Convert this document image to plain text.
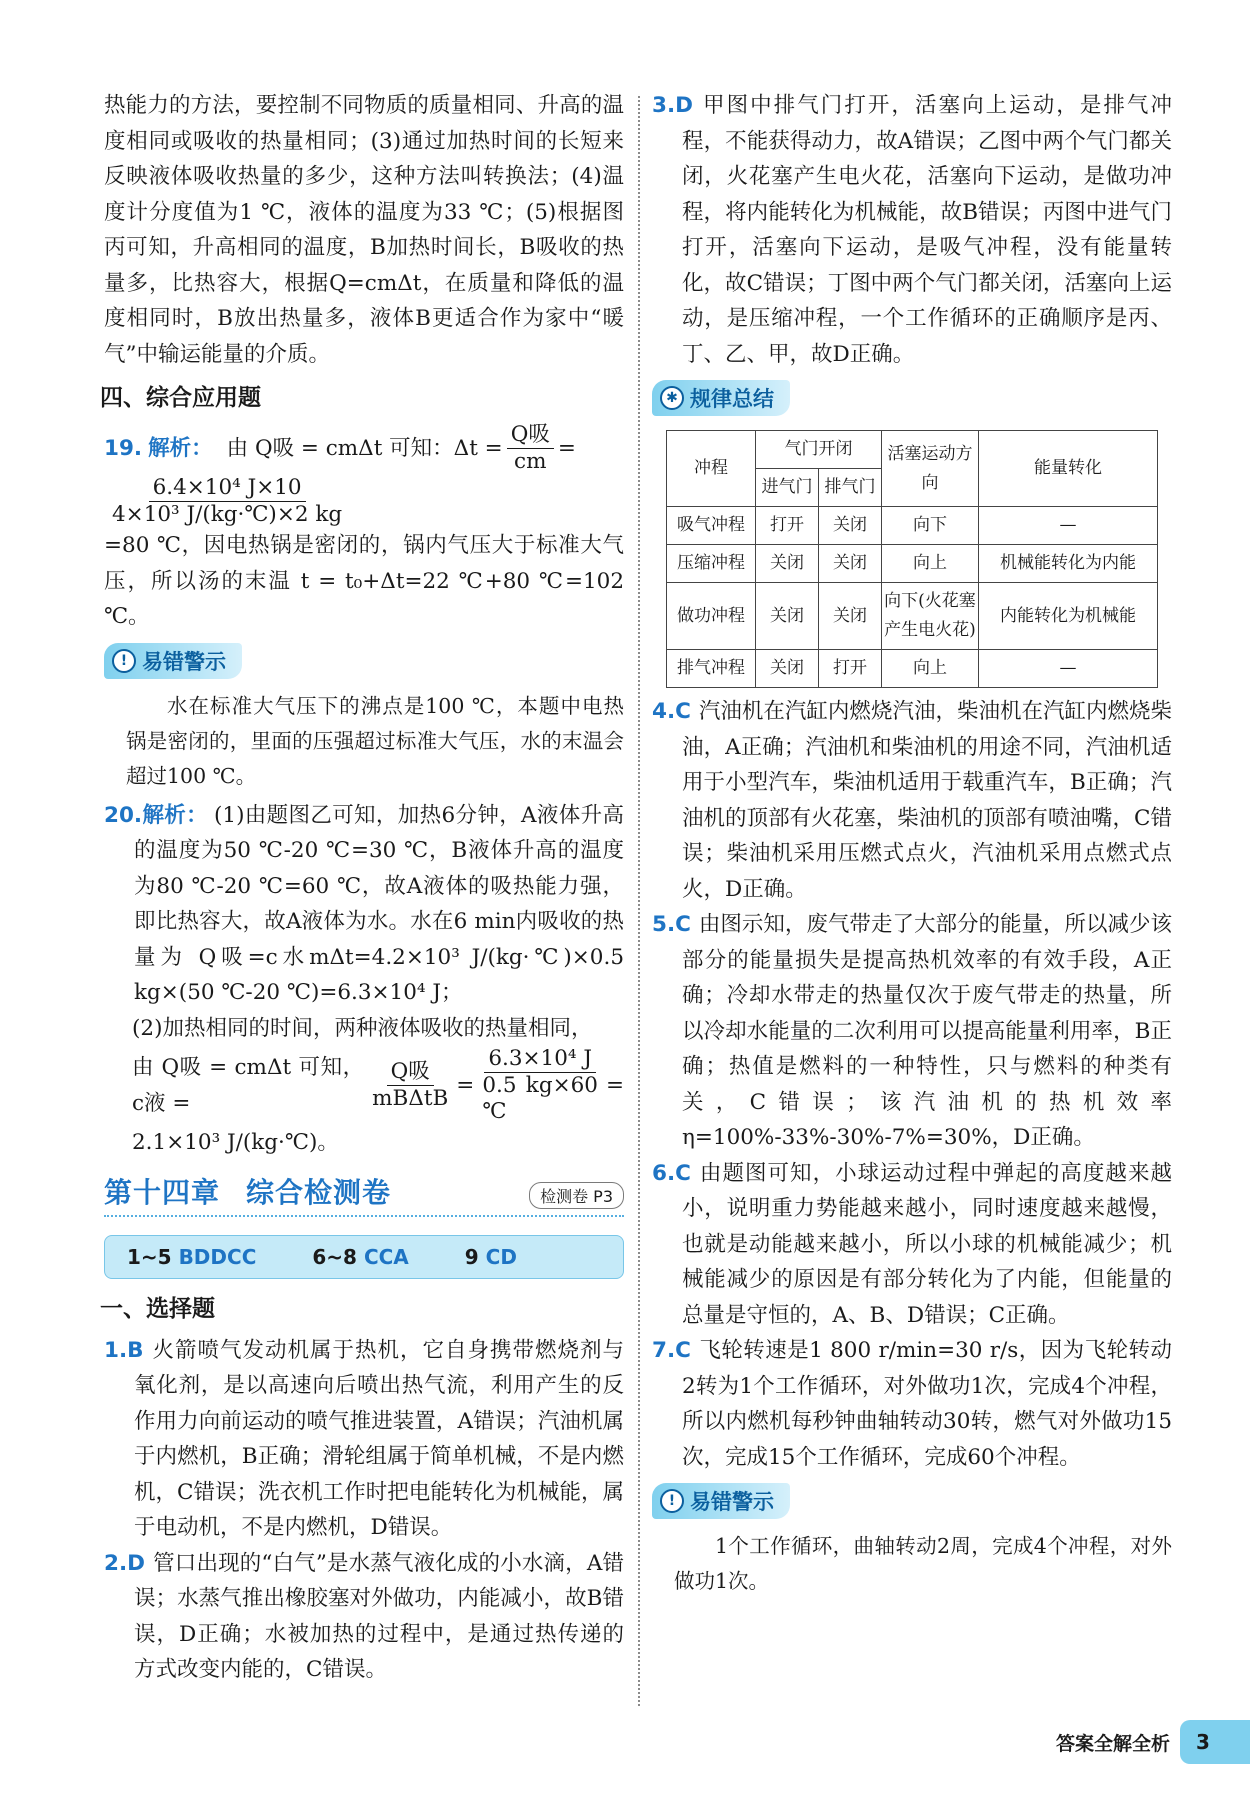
热能力的方法，要控制不同物质的质量相同、升高的温度相同或吸收的热量相同；(3)通过加热时间的长短来反映液体吸收热量的多少，这种方法叫转换法；(4)温度计分度值为1 ℃，液体的温度为33 ℃；(5)根据图丙可知，升高相同的温度，B加热时间长，B吸收的热量多，比热容大，根据Q=cmΔt，在质量和降低的温度相同时，B放出热量多，液体B更适合作为家中“暖气”中输运能量的介质。

四、综合应用题
19. 解析： 由 Q吸 = cmΔt 可知：$\Delta t = \frac{\text{Q吸}}{cm}$ =
$\frac{\text{6.4×10⁴ J×10}}{\text{4×10³ J/(kg·℃)×2 kg}}$

=80 ℃，因电热锅是密闭的，锅内气压大于标准大气压，所以汤的末温 t = t₀+Δt=22 ℃+80 ℃=102 ℃。

! 易错警示

水在标准大气压下的沸点是100 ℃，本题中电热锅是密闭的，里面的压强超过标准大气压，水的末温会超过100 ℃。

20.解析： (1)由题图乙可知，加热6分钟，A液体升高的温度为50 ℃-20 ℃=30 ℃，B液体升高的温度为80 ℃-20 ℃=60 ℃，故A液体的吸热能力强，即比热容大，故A液体为水。水在6 min内吸收的热量为 Q吸=c水mΔt=4.2×10³ J/(kg·℃)×0.5 kg×(50 ℃-20 ℃)=6.3×10⁴ J；

(2)加热相同的时间，两种液体吸收的热量相同，

由 Q吸 = cmΔt 可知，c液 =	$\frac{\text{Q吸}}{\text{mBΔtB}} = \frac{\text{6.3×10⁴ J}}{0.5 kg\times 60 ℃}$ =

2.1×10³ J/(kg·℃)。

第十四章 综合检测卷	检测卷 P3
1~5 BDDCC	6~8 CCA	9 CD
一、选择题

1.B 火箭喷气发动机属于热机，它自身携带燃烧剂与氧化剂，是以高速向后喷出热气流，利用产生的反作用力向前运动的喷气推进装置，A错误；汽油机属于内燃机，B正确；滑轮组属于简单机械，不是内燃机，C错误；洗衣机工作时把电能转化为机械能，属于电动机，不是内燃机，D错误。

2.D 管口出现的“白气”是水蒸气液化成的小水滴，A错误；水蒸气推出橡胶塞对外做功，内能减小，故B错误，D正确；水被加热的过程中，是通过热传递的方式改变内能的，C错误。

3.D 甲图中排气门打开，活塞向上运动，是排气冲程，不能获得动力，故A错误；乙图中两个气门都关闭，火花塞产生电火花，活塞向下运动，是做功冲程，将内能转化为机械能，故B错误；丙图中进气门打开，活塞向下运动，是吸气冲程，没有能量转化，故C错误；丁图中两个气门都关闭，活塞向上运动，是压缩冲程，一个工作循环的正确顺序是丙、丁、乙、甲，故D正确。

✱ 规律总结
冲程	气门开闭		活塞运动方向	能量转化
	进气门	排气门		
吸气冲程	打开	关闭	向下	—
压缩冲程	关闭	关闭	向上	机械能转化为内能
做功冲程	关闭	关闭	向下(火花塞产生电火花)	内能转化为机械能
排气冲程	关闭	打开	向上	—

4.C 汽油机在汽缸内燃烧汽油，柴油机在汽缸内燃烧柴油，A正确；汽油机和柴油机的用途不同，汽油机适用于小型汽车，柴油机适用于载重汽车，B正确；汽油机的顶部有火花塞，柴油机的顶部有喷油嘴，C错误；柴油机采用压燃式点火，汽油机采用点燃式点火，D正确。

5.C 由图示知，废气带走了大部分的能量，所以减少该部分的能量损失是提高热机效率的有效手段，A正确；冷却水带走的热量仅次于废气带走的热量，所以冷却水能量的二次利用可以提高能量利用率，B正确；热值是燃料的一种特性，只与燃料的种类有关，C错误；该汽油机的热机效率 η=100%-33%-30%-7%=30%，D正确。

6.C 由题图可知，小球运动过程中弹起的高度越来越小，说明重力势能越来越小，同时速度越来越慢，也就是动能越来越小，所以小球的机械能减少；机械能减少的原因是有部分转化为了内能，但能量的总量是守恒的，A、B、D错误；C正确。

7.C 飞轮转速是1 800 r/min=30 r/s，因为飞轮转动2转为1个工作循环，对外做功1次，完成4个冲程，所以内燃机每秒钟曲轴转动30转，燃气对外做功15次，完成15个工作循环，完成60个冲程。

! 易错警示

1个工作循环，曲轴转动2周，完成4个冲程，对外做功1次。

答案全解全析	3
